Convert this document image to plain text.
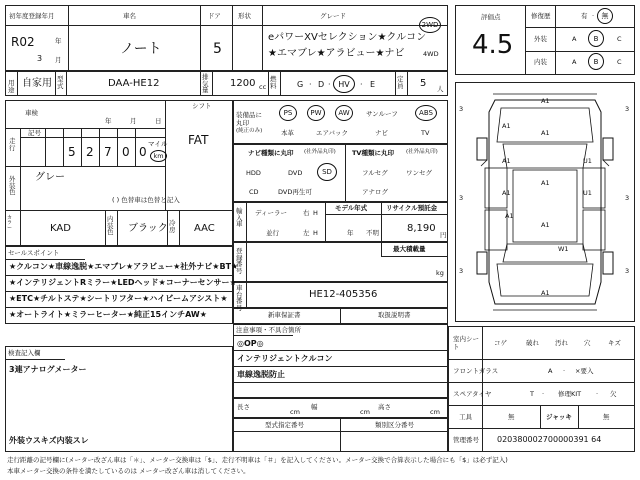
初年度登録年月	車名	ドア	形状	グレード
R02	年
3 月
ノート	5
eパワーXVセレクション★クルコン
★エマブレ★アラビュー★ナビ
2WD
4WD
用途
自家用 型式	DAA-HE12
排気量
1200 cc
燃料	G · D · HV · E
定員 5 人
車検
年	月	日
走行
記号
5 2 7 0 0
マイル
km
シフト
FAT
外装色
グレー
( ) 色替車は色替と記入
カラー	KAD
内装色 ブラック 冷房 AAC
装備品に丸印
(純正のみ)
PS	PW AW	サンルーフ	ABS
本革	エアバック	ナビ	TV
ナビ種類に丸印 (社外品丸印)
HDD	DVD	SD
CD	DVD再生可
TV種類に丸印 (社外品丸印)
フルセグ	ワンセグ
アナログ
輸入車
ディーラー
並行
右
左
H
H
モデル年式
年 不明
リサイクル預託金
8,190
円
登録番号
最大積載量
kg
車台番号
HE12-405356
セールスポイント
★クルコン★車線逸脱★エマブレ★アラビュー★社外ナビ★BT★
★インテリジェントRミラー★LEDヘッド★コーナーセンサー★
★ETC★チルトステ★シートリフター★ハイビームアシスト★
★オートライト★ミラーヒーター★純正15インチAW★	新車保証書	取扱説明書
注意事項・不具合箇所
◎OP◎
インテリジェントクルコン
車線逸脱防止
検査記入欄
3連アナログメーター
外装ウスキズ内装スレ
長さ
cm
幅
cm
高さ
cm
型式指定番号	類別区分番号
評価点
4.5
修復歴	有 · 無
外装	A B	C
内装	A B	C
3	3
3	3
3	3
A1
A1
A1
A1	U1
A1
A1	U1
A1
A1
A1
W1
室内シート	コゲ	破れ 汚れ 穴	キズ
フロントガラス	A · ×要入
スペアタイヤ	T · 修理KIT · 欠
工具	無	ジャッキ	無
管理番号 020380002700000391 64
走行距離の記号欄に(メーター改ざん車は「＊」、メーター交換車は「$」、走行不明車は「＃」を記入してください。メーター交換で合算表示した場合にも「$」は必ず記入)
本車メーター交換の条件を満たしているのは メーター改ざん車は消してください。
